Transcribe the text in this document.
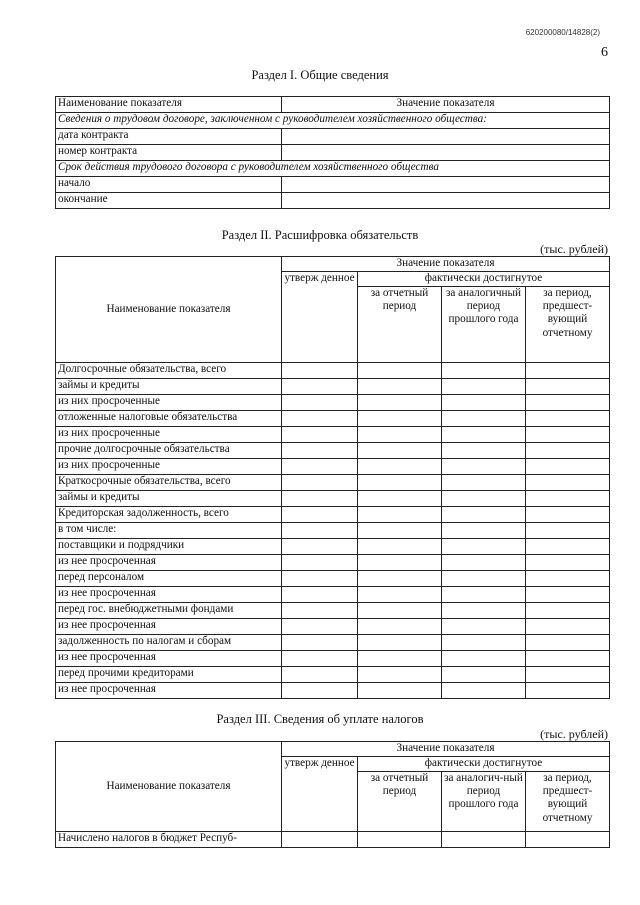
620200080/14828(2)
6
Раздел I. Общие сведения
Наименование показателя	Значение показателя
Сведения о трудовом договоре, заключенном с руководителем хозяйственного общества:	
дата контракта	
номер контракта	
Срок действия трудового договора с руководителем хозяйственного общества	
начало	
окончание	
Раздел II. Расшифровка обязательств
(тыс. рублей)
Наименование показателя	Значение показателя			
	утверж денное	фактически достигнутое		
		за отчетный период	за аналогичный период прошлого года	за период, предшест-вующий отчетному
Долгосрочные обязательства, всего				
займы и кредиты				
из них просроченные				
отложенные налоговые обязательства				
из них просроченные				
прочие долгосрочные обязательства				
из них просроченные				
Краткосрочные обязательства, всего				
займы и кредиты				
Кредиторская задолженность, всего				
в том числе:				
поставщики и подрядчики				
из нее просроченная				
перед персоналом				
из нее просроченная				
перед гос. внебюджетными фондами				
из нее просроченная				
задолженность по налогам и сборам				
из нее просроченная				
перед прочими кредиторами				
из нее просроченная				
Раздел III. Сведения об уплате налогов
(тыс. рублей)
Наименование показателя	Значение показателя			
	утверж денное	фактически достигнутое		
		за отчетный период	за аналогич-ный период прошлого года	за период, предшест-вующий отчетному
Начислено налогов в бюджет Респуб-				
